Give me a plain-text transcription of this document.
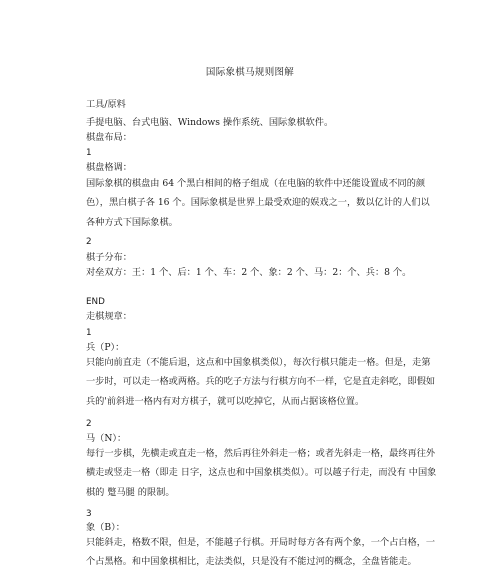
国际象棋马规则图解
工具/原料
手提电脑、台式电脑、Windows 操作系统、国际象棋软件。
棋盘布局：
1
棋盘格调：
国际象棋的棋盘由 64 个黑白相间的格子组成（在电脑的软件中还能设置成不同的颜色），黑白棋子各 16 个。国际象棋是世界上最受欢迎的娱戏之一，数以亿计的人们以各种方式下国际象棋。
2
棋子分布：
对垒双方：王：1 个、后：1 个、车：2 个、象：2 个、马：2：个、兵：8 个。
END
走棋规章：
1
兵（P）：
只能向前直走（不能后退，这点和中国象棋类似），每次行棋只能走一格。但是，走第一步时，可以走一格或两格。兵的吃子方法与行棋方向不一样，它是直走斜吃，即假如兵的'前斜进一格内有对方棋子，就可以吃掉它，从而占据该格位置。
2
马（N）：
每行一步棋，先横走或直走一格，然后再往外斜走一格；或者先斜走一格，最终再往外横走或竖走一格（即走 日字，这点也和中国象棋类似）。可以越子行走，而没有 中国象棋的 蹩马腿 的限制。
3
象（B）：
只能斜走，格数不限，但是，不能越子行棋。开局时每方各有两个象，一个占白格，一个占黑格。和中国象棋相比，走法类似，只是没有不能过河的概念，全盘皆能走。
